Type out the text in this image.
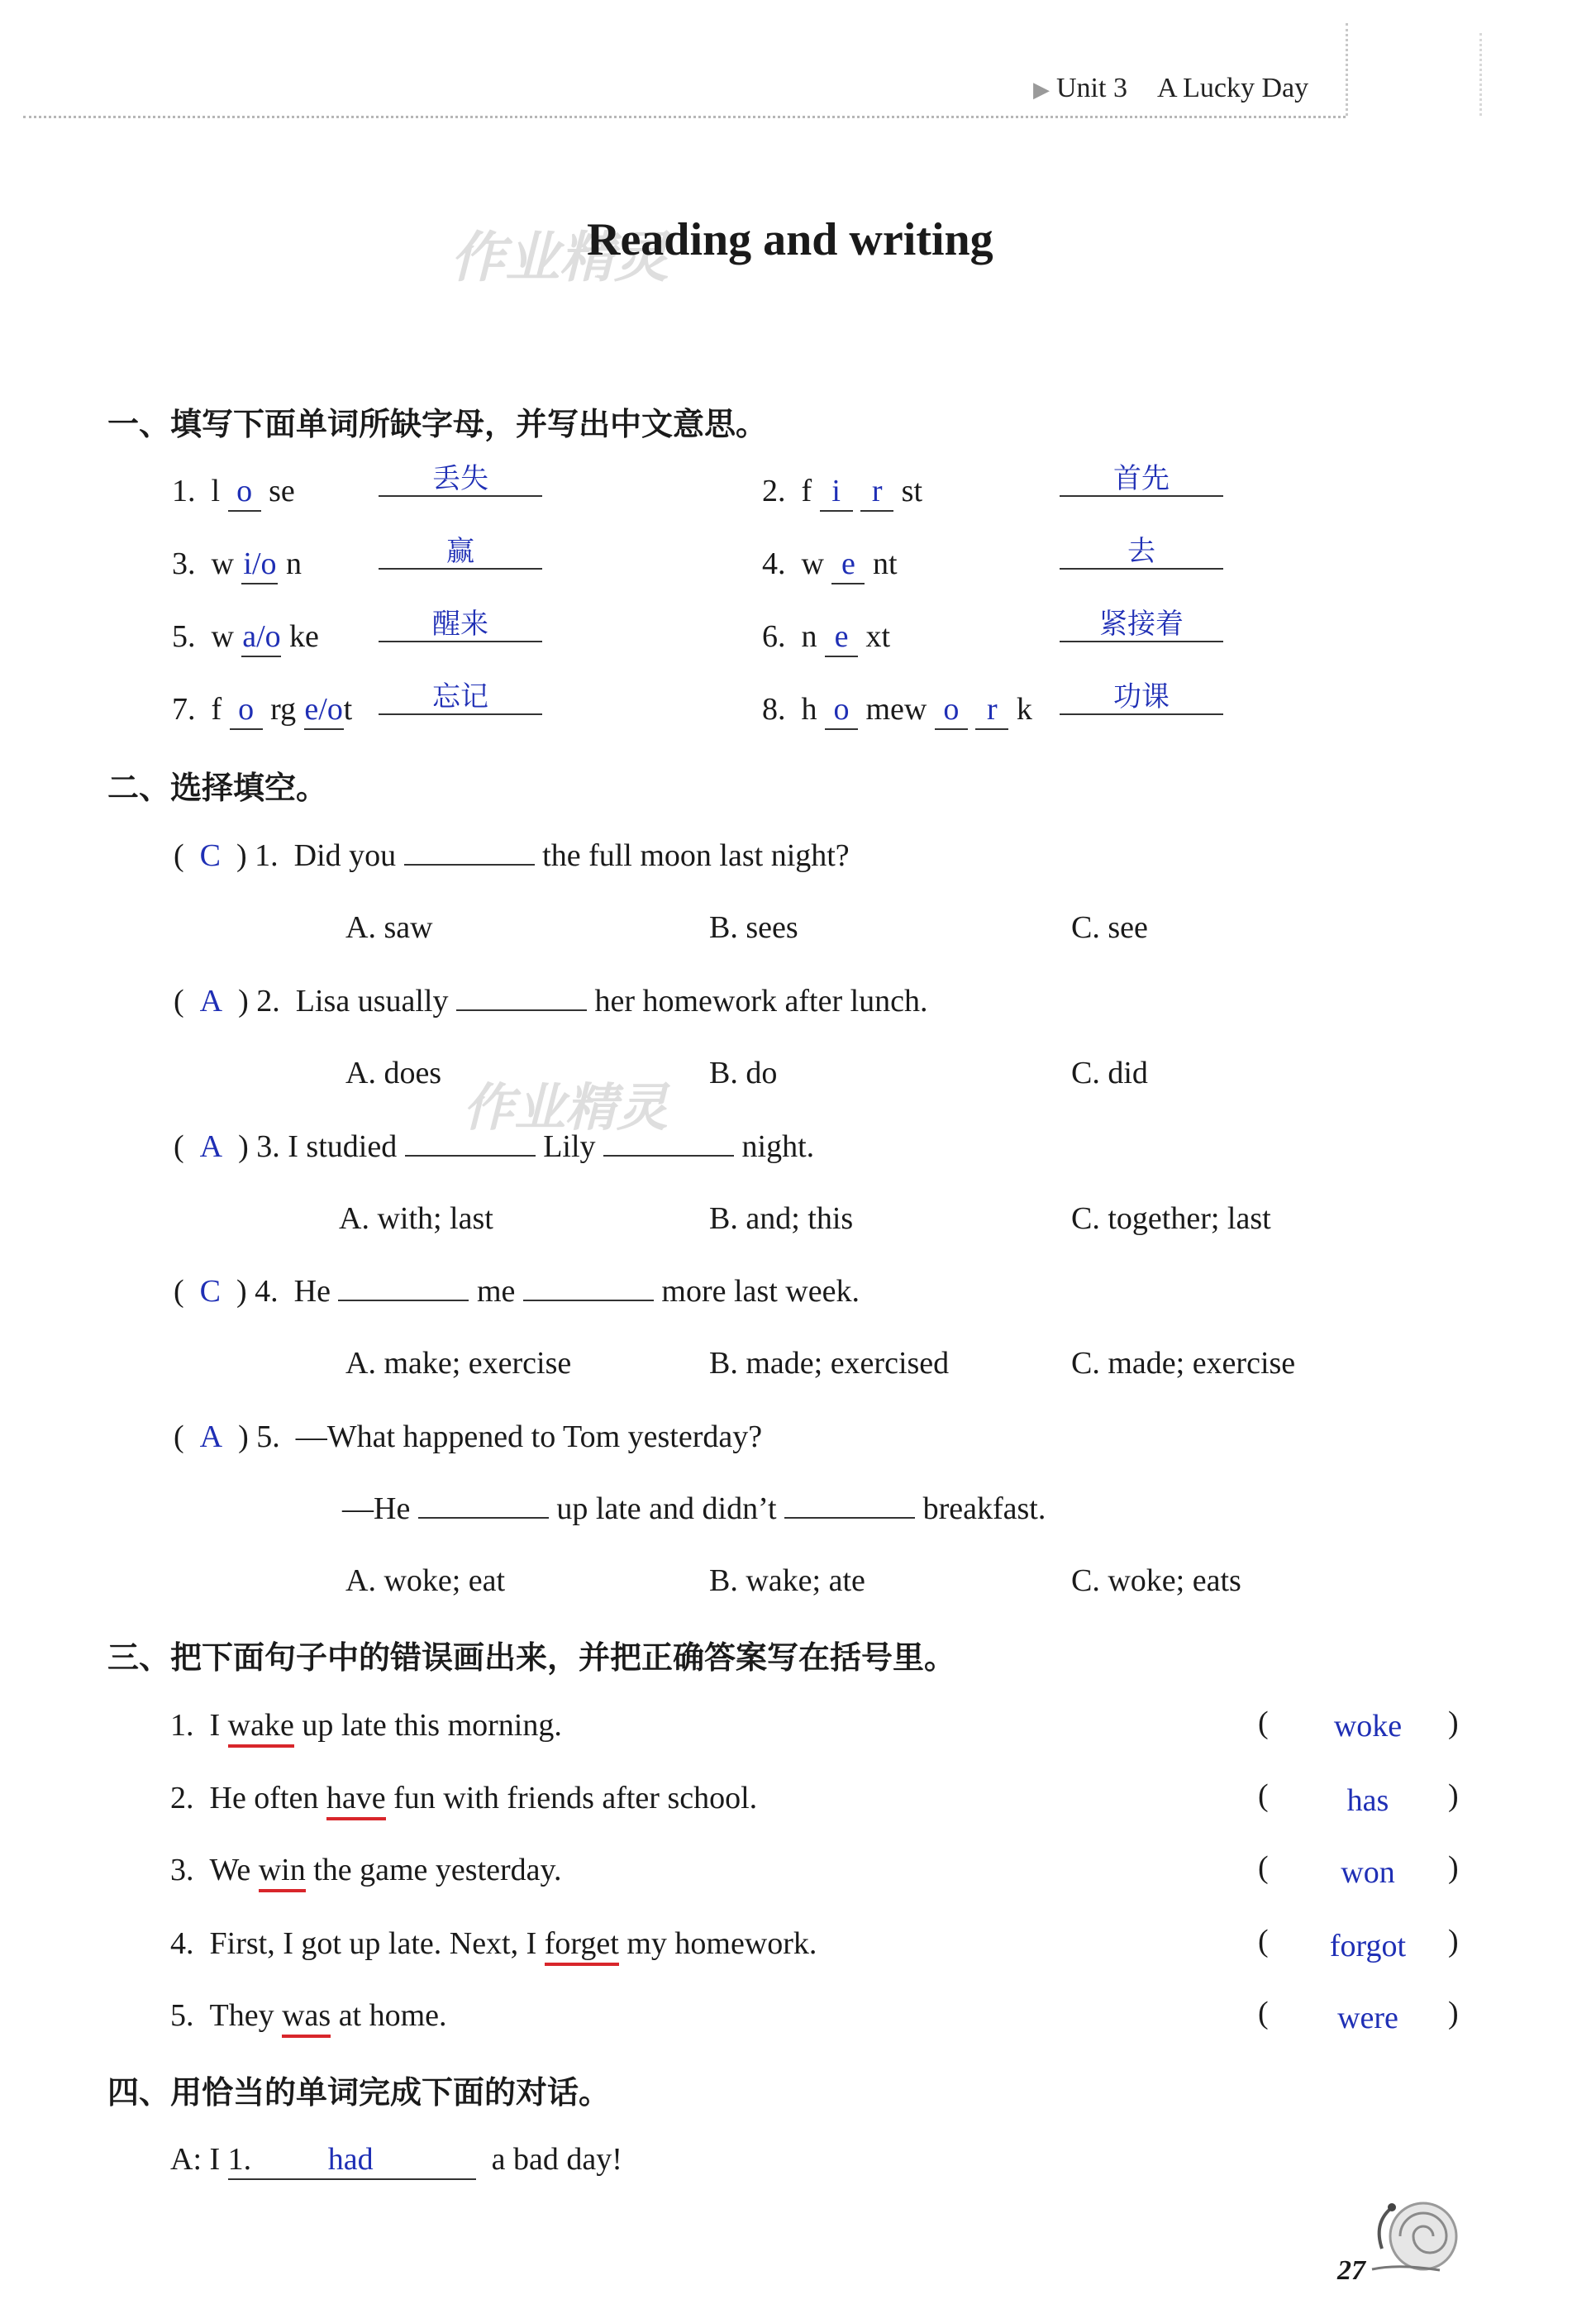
▶ Unit 3 A Lucky Day
作业精灵
Reading and writing
一、填写下面单词所缺字母，并写出中文意思。
1. l o se	丢失	2. f i r st	首先
3. w i/o n	赢	4. w e nt	去
5. w a/o ke	醒来	6. n e xt	紧接着
7. f o rg e/ot	忘记	8. h o mew o r k	功课
二、选择填空。
(  C  ) 1. Did you	the full moon last night?
A. saw	B. sees	C. see
(  A  ) 2. Lisa usually	her homework after lunch.
A. does	B. do	C. did
作业精灵
(  A  ) 3. I studied	Lily	night.
A. with; last	B. and; this	C. together; last
(  C  ) 4. He	me	more last week.
A. make; exercise	B. made; exercised	C. made; exercise
(  A  ) 5. —What happened to Tom yesterday?
—He	up late and didn’t	breakfast.
A. woke; eat	B. wake; ate	C. woke; eats
三、把下面句子中的错误画出来，并把正确答案写在括号里。
1. I wake up late this morning.	(	woke	)
2. He often have fun with friends after school.	(	has	)
3. We win the game yesterday.	(	won	)
4. First, I got up late. Next, I forget my homework.	(	forgot	)
5. They was at home.	(	were	)
四、用恰当的单词完成下面的对话。
A: I 1. had	a bad day!
27
